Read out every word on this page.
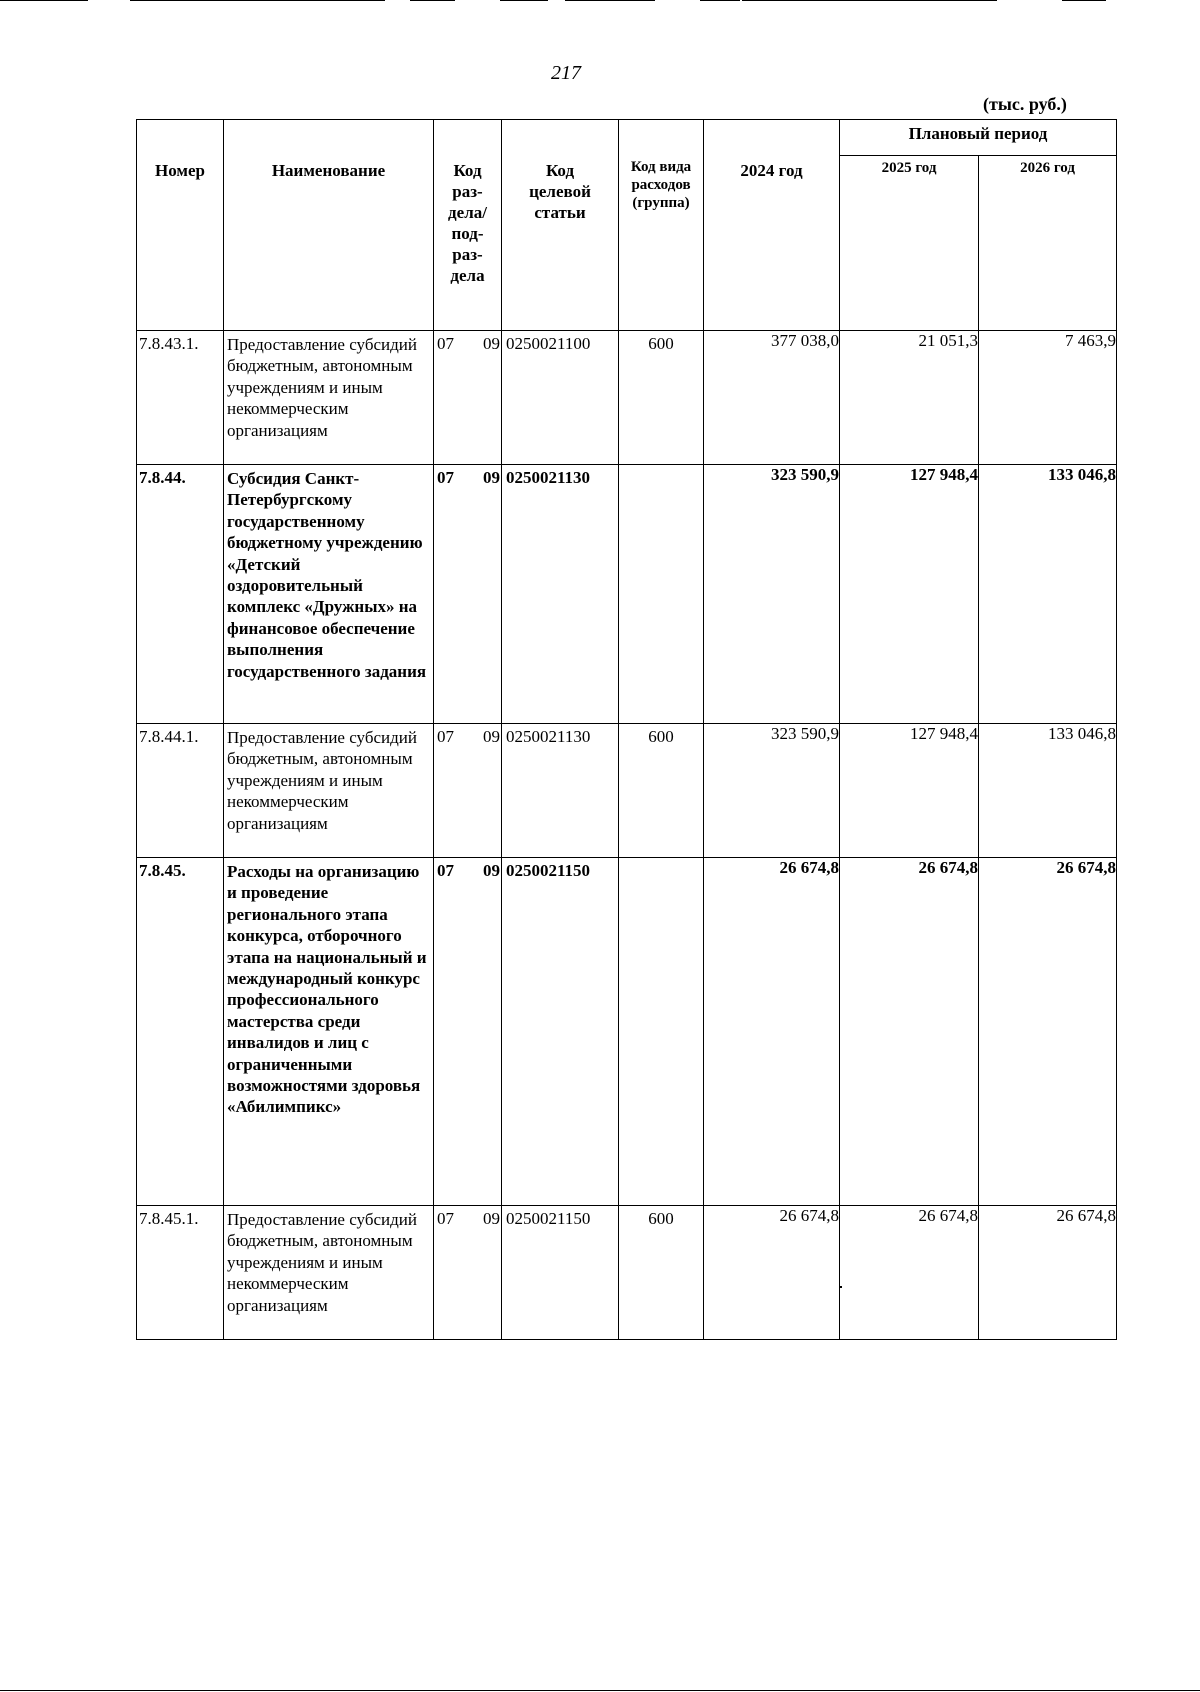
217
(тыс. руб.)
Номер	Наименование	Код раз-дела/ под-раз-дела	Код целевой статьи	Код вида расходов (группа)	2024 год	Плановый период	

						2025 год	2026 год

7.8.43.1.	Предоставление субсидий бюджетным, автономным учреждениям и иным некоммерческим организациям	07 09	0250021100	600	377 038,0	21 051,3	7 463,9
7.8.44.	Субсидия Санкт-Петербургскому государственному бюджетному учреждению «Детский оздоровительный комплекс «Дружных» на финансовое обеспечение выполнения государственного задания	07 09	0250021130		323 590,9	127 948,4	133 046,8
7.8.44.1.	Предоставление субсидий бюджетным, автономным учреждениям и иным некоммерческим организациям	07 09	0250021130	600	323 590,9	127 948,4	133 046,8
7.8.45.	Расходы на организацию и проведение регионального этапа конкурса, отборочного этапа на национальный и международный конкурс профессионального мастерства среди инвалидов и лиц с ограниченными возможностями здоровья «Абилимпикс»	07 09	0250021150		26 674,8	26 674,8	26 674,8
7.8.45.1.	Предоставление субсидий бюджетным, автономным учреждениям и иным некоммерческим организациям	07 09	0250021150	600	26 674,8	26 674,8	26 674,8
